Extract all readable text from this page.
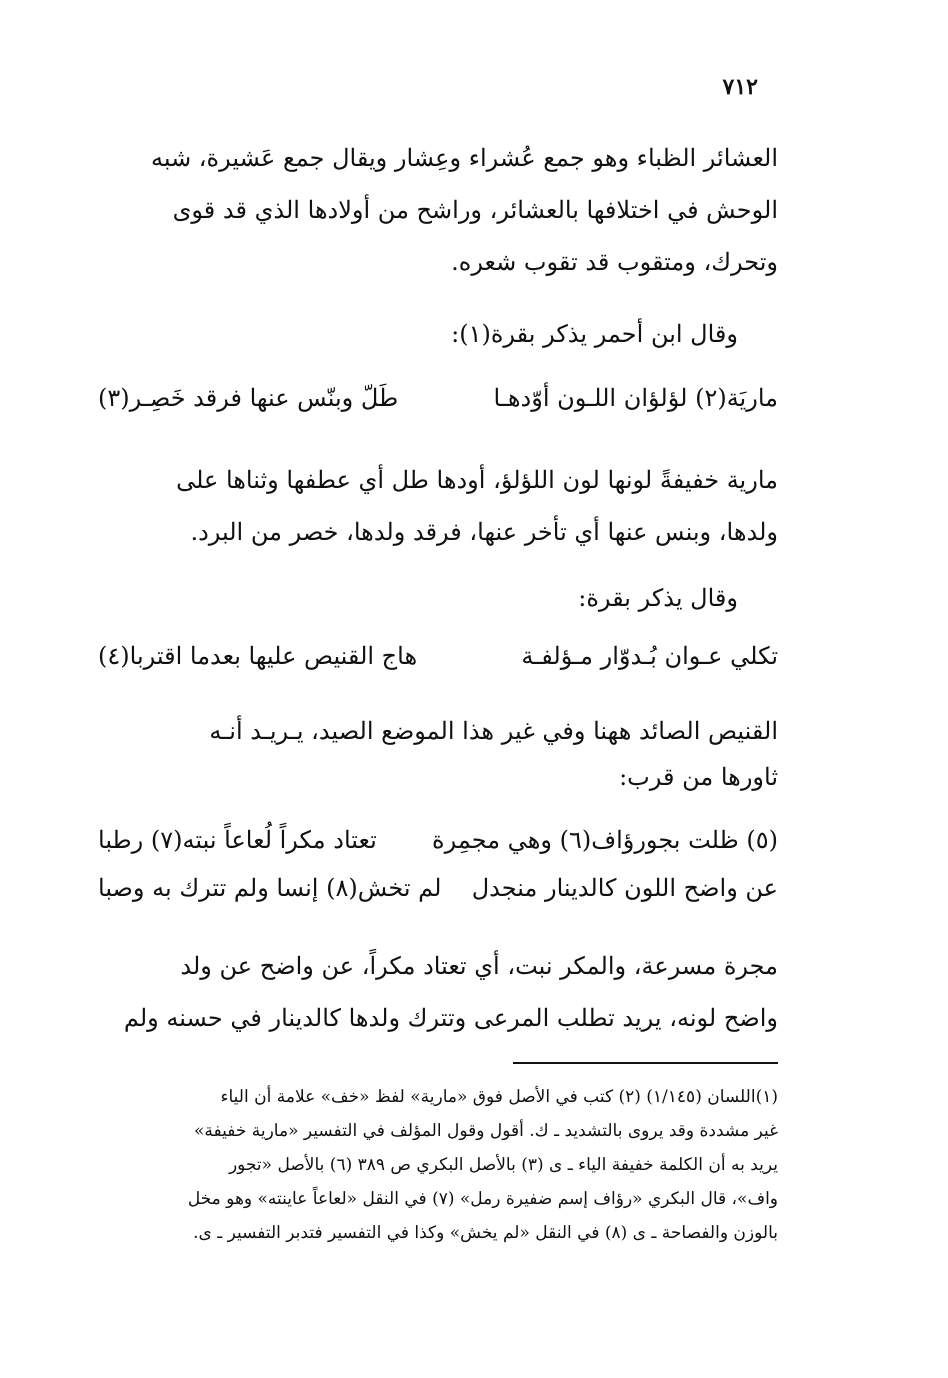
٧١٢
العشائر الظباء وهو جمع عُشراء وعِشار ويقال جمع عَشيرة، شبه
الوحش في اختلافها بالعشائر، وراشح من أولادها الذي قد قوى
وتحرك، ومتقوب قد تقوب شعره.
وقال ابن أحمر يذكر بقرة(١):
ماريَة(٢) لؤلؤان اللـون أوّدهـا
طَلّ وبنّس عنها فرقد خَصِـر(٣)
مارية خفيفةً لونها لون اللؤلؤ، أودها طل أي عطفها وثناها على
ولدها، وبنس عنها أي تأخر عنها، فرقد ولدها، خصر من البرد.
وقال يذكر بقرة:
تكلي عـوان بُـدوّار مـؤلفـة
هاج القنيص عليها بعدما اقتربا(٤)
القنيص الصائد ههنا وفي غير هذا الموضع الصيد، يـريـد أنـه
ثاورها من قرب:
(٥) ظلت بجورؤاف(٦) وهي مجمِرة
تعتاد مكراً لُعاعاً نبته(٧) رطبا
عن واضح اللون كالدينار منجدل
لم تخش(٨) إنسا ولم تترك به وصبا
مجرة مسرعة، والمكر نبت، أي تعتاد مكراً، عن واضح عن ولد
واضح لونه، يريد تطلب المرعى وتترك ولدها كالدينار في حسنه ولم
(١)اللسان (١/١٤٥) (٢) كتب في الأصل فوق «مارية» لفظ «خف» علامة أن الياء
غير مشددة وقد يروى بالتشديد ـ ك. أقول وقول المؤلف في التفسير «مارية خفيفة»
يريد به أن الكلمة خفيفة الياء ـ ى (٣) بالأصل البكري ص ٣٨٩ (٦) بالأصل «تجور
واف»، قال البكري «رؤاف إسم ضفيرة رمل» (٧) في النقل «لعاعاً عاينته» وهو مخل
بالوزن والفصاحة ـ ى (٨) في النقل «لم يخش» وكذا في التفسير فتدبر التفسير ـ ى.
